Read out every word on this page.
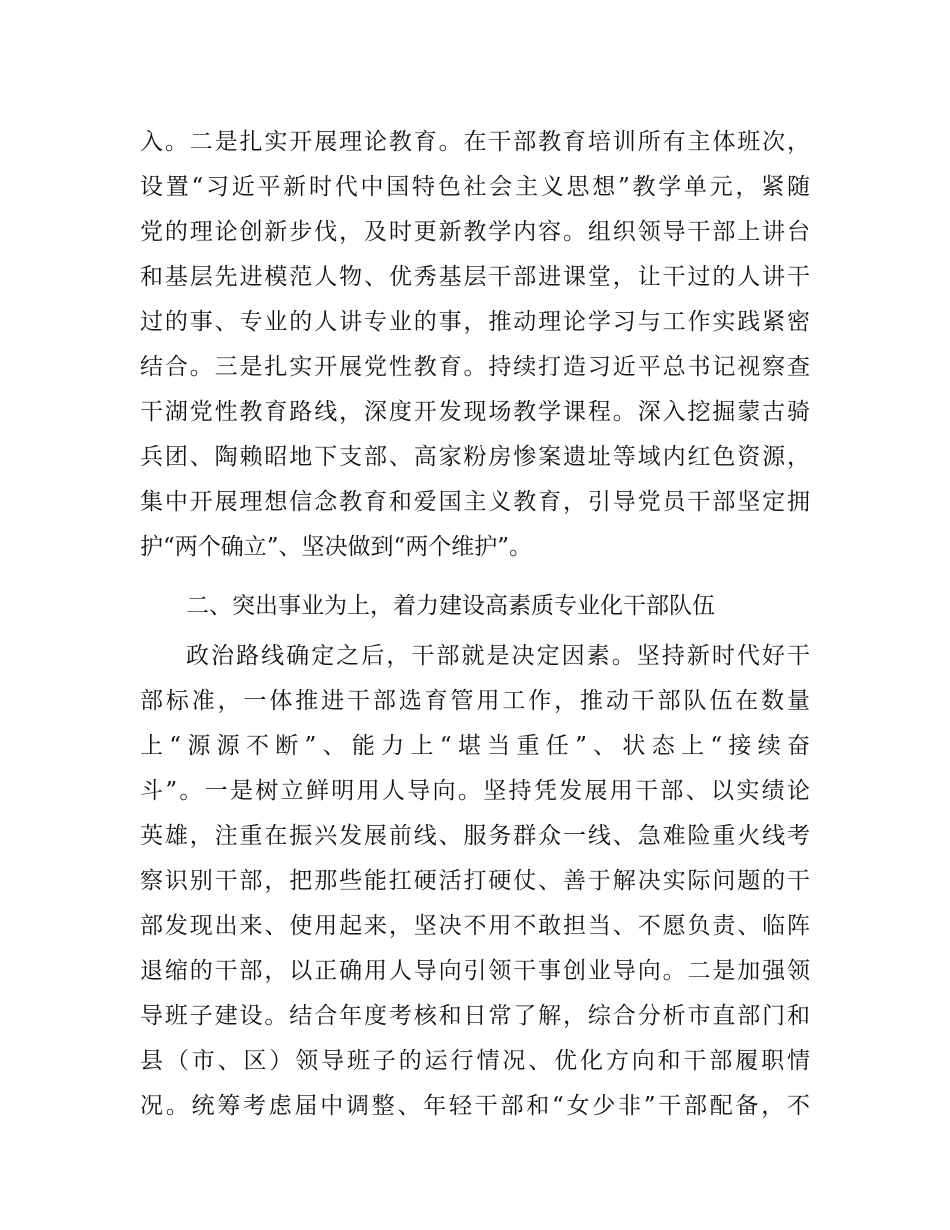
入。二是扎实开展理论教育。在干部教育培训所有主体班次，
设置“习近平新时代中国特色社会主义思想”教学单元，紧随
党的理论创新步伐，及时更新教学内容。组织领导干部上讲台
和基层先进模范人物、优秀基层干部进课堂，让干过的人讲干
过的事、专业的人讲专业的事，推动理论学习与工作实践紧密
结合。三是扎实开展党性教育。持续打造习近平总书记视察查
干湖党性教育路线，深度开发现场教学课程。深入挖掘蒙古骑
兵团、陶赖昭地下支部、高家粉房惨案遗址等域内红色资源，
集中开展理想信念教育和爱国主义教育，引导党员干部坚定拥
护“两个确立”、坚决做到“两个维护”。
二、突出事业为上，着力建设高素质专业化干部队伍
政治路线确定之后，干部就是决定因素。坚持新时代好干
部标准，一体推进干部选育管用工作，推动干部队伍在数量
上“源源不断”、能力上“堪当重任”、状态上“接续奋
斗”。一是树立鲜明用人导向。坚持凭发展用干部、以实绩论
英雄，注重在振兴发展前线、服务群众一线、急难险重火线考
察识别干部，把那些能扛硬活打硬仗、善于解决实际问题的干
部发现出来、使用起来，坚决不用不敢担当、不愿负责、临阵
退缩的干部，以正确用人导向引领干事创业导向。二是加强领
导班子建设。结合年度考核和日常了解，综合分析市直部门和
县（市、区）领导班子的运行情况、优化方向和干部履职情
况。统筹考虑届中调整、年轻干部和“女少非”干部配备，不
